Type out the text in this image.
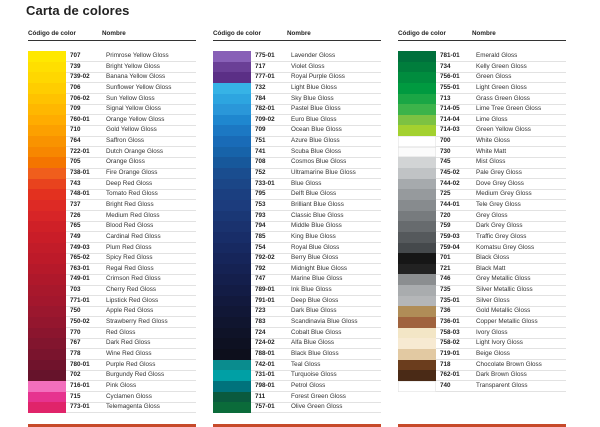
Carta de colores
Código de color	Nombre
707	Primrose Yellow Gloss
739	Bright Yellow Gloss
739-02	Banana Yellow Gloss
706	Sunflower Yellow Gloss
706-02	Sun Yellow Gloss
709	Signal Yellow Gloss
760-01	Orange Yellow Gloss
710	Gold Yellow Gloss
764	Saffron Gloss
722-01	Dutch Orange Gloss
705	Orange Gloss
738-01	Fire Orange Gloss
743	Deep Red Gloss
748-01	Tomato Red Gloss
737	Bright Red Gloss
726	Medium Red Gloss
765	Blood Red Gloss
749	Cardinal Red Gloss
749-03	Plum Red Gloss
765-02	Spicy Red Gloss
763-01	Regal Red Gloss
749-01	Crimson Red Gloss
703	Cherry Red Gloss
771-01	Lipstick Red Gloss
750	Apple Red Gloss
750-02	Strawberry Red Gloss
770	Red Gloss
767	Dark Red Gloss
778	Wine Red Gloss
780-01	Purple Red Gloss
702	Burgundy Red Gloss
716-01	Pink Gloss
715	Cyclamen Gloss
773-01	Telemagenta Gloss
Código de color	Nombre
775-01	Lavender Gloss
717	Violet Gloss
777-01	Royal Purple Gloss
732	Light Blue Gloss
784	Sky Blue Gloss
782-01	Pastel Blue Gloss
709-02	Euro Blue Gloss
709	Ocean Blue Gloss
751	Azure Blue Gloss
741	Scuba Blue Gloss
708	Cosmos Blue Gloss
752	Ultramarine Blue Gloss
733-01	Blue Gloss
795	Delft Blue Gloss
753	Brilliant Blue Gloss
793	Classic Blue Gloss
794	Middle Blue Gloss
785	King Blue Gloss
754	Royal Blue Gloss
792-02	Berry Blue Gloss
792	Midnight Blue Gloss
747	Marine Blue Gloss
789-01	Ink Blue Gloss
791-01	Deep Blue Gloss
723	Dark Blue Gloss
783	Scandinavia Blue Gloss
724	Cobalt Blue Gloss
724-02	Alfa Blue Gloss
788-01	Black Blue Gloss
742-01	Teal Gloss
731-01	Turquoise Gloss
798-01	Petrol Gloss
711	Forest Green Gloss
757-01	Olive Green Gloss
Código de color	Nombre
781-01	Emerald Gloss
734	Kelly Green Gloss
756-01	Green Gloss
755-01	Light Green Gloss
713	Grass Green Gloss
714-05	Lime Tree Green Gloss
714-04	Lime Gloss
714-03	Green Yellow Gloss
700	White Gloss
730	White Matt
745	Mist Gloss
745-02	Pale Grey Gloss
744-02	Dove Grey Gloss
725	Medium Grey Gloss
744-01	Tele Grey Gloss
720	Grey Gloss
759	Dark Grey Gloss
759-03	Traffic Grey Gloss
759-04	Komatsu Grey Gloss
701	Black Gloss
721	Black Matt
746	Grey Metallic Gloss
735	Silver Metallic Gloss
735-01	Silver Gloss
736	Gold Metallic Gloss
736-01	Copper Metallic Gloss
758-03	Ivory Gloss
758-02	Light Ivory Gloss
719-01	Beige Gloss
718	Chocolate Brown Gloss
762-01	Dark Brown Gloss
740	Transparent Gloss
